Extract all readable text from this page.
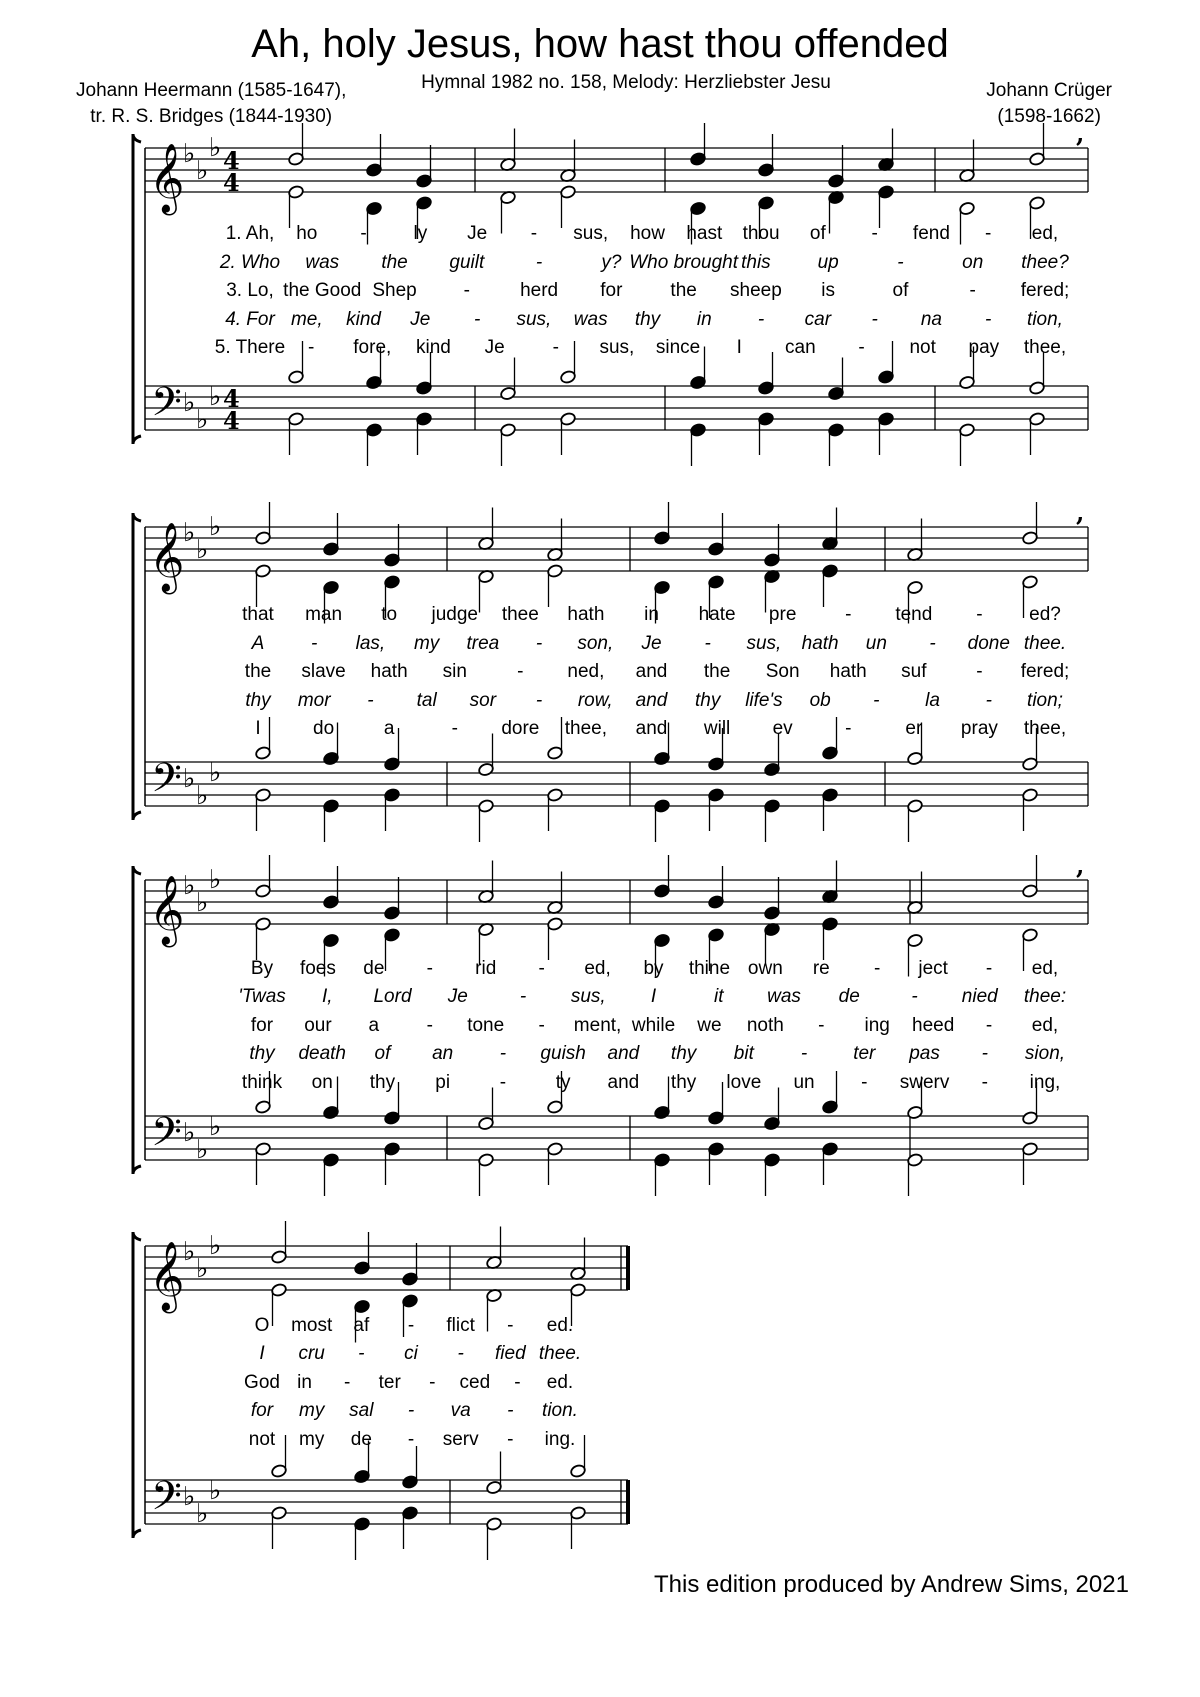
Ah, holy Jesus, how hast thou offended
Hymnal 1982 no. 158, Melody: Herzliebster Jesu
Johann Heermann (1585-1647),
tr. R. S. Bridges (1844-1930)
Johann Crüger
(1598-1662)
𝄞
𝄢
♭
♭
♭
♭
♭
♭
4
4
4
4
,
𝄞
𝄢
♭
♭
♭
♭
♭
♭
,
𝄞
𝄢
♭
♭
♭
♭
♭
♭
,
𝄞
𝄢
♭
♭
♭
♭
♭
♭
1. Ah, ho - ly Je - sus, how hast thou of - fend - ed,
2. Who was the guilt	-	y? Who brought this up	-	on thee?
3. Lo, the Good Shep -	herd for	the sheep is	of	- fered;
4. For me, kind Je - sus, was thy in - car - na - tion,
5. There - fore, kind Je	- sus, since I can - not pay thee,
that man to judge thee hath in hate pre	- tend - ed?
A - las, my trea - son, Je - sus, hath un - done thee.
the slave hath sin	- ned, and the Son hath suf	- fered;
thy mor - tal sor - row, and thy life's ob - la - tion;
I	do	a	- dore thee, and will ev	-	er pray thee,
By foes de - rid - ed, by thine own re - ject - ed,
'Twas I, Lord Je	- sus, I	it was de	- nied thee:
for our a - tone - ment, while we noth - ing heed - ed,
thy death of an - guish and thy bit - ter pas - sion,
think on thy pi	-	ty and thy love un - swerv - ing,
O most af - flict - ed.
I cru - ci - fied thee.
God in - ter - ced - ed.
for my sal - va - tion.
not my de - serv - ing.
This edition produced by Andrew Sims, 2021
